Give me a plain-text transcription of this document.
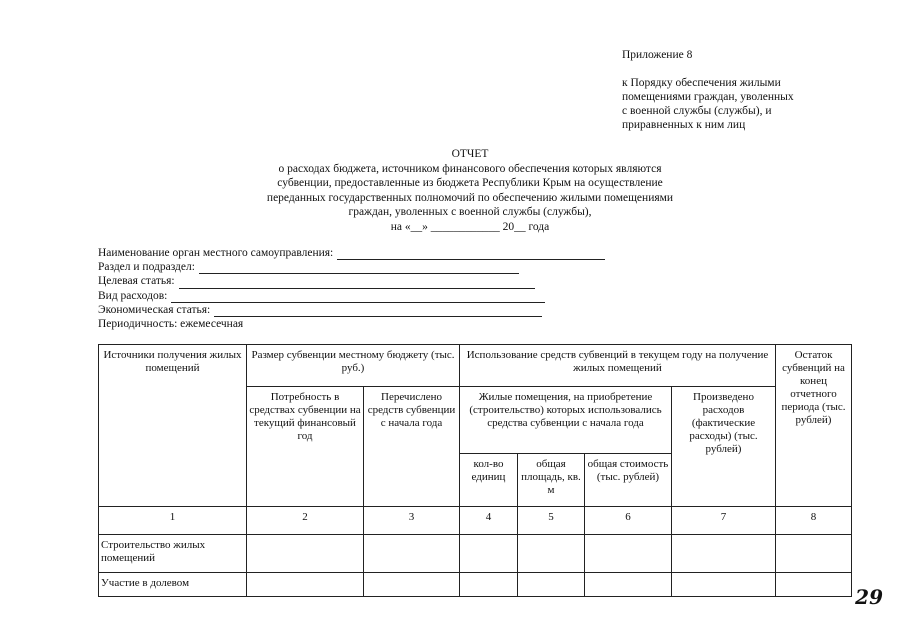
Приложение 8
к Порядку обеспечения жилыми
помещениями граждан, уволенных
с военной службы (службы), и
приравненных к ним лиц
ОТЧЕТ
о расходах бюджета, источником финансового обеспечения которых являются
субвенции, предоставленные из бюджета Республики Крым на осуществление
переданных государственных полномочий по обеспечению жилыми помещениями
граждан, уволенных с военной службы (службы),
на «__» ____________ 20__ года
Наименование орган местного самоуправления:
Раздел и подраздел:
Целевая статья:
Вид расходов:
Экономическая статья:
Периодичность: ежемесечная
Источники получения жилых помещений	Размер субвенции местному бюджету (тыс. руб.)		Использование средств субвенций в текущем году на получение жилых помещений				Остаток субвенций на конец отчетного периода (тыс. рублей)
	Потребность в средствах субвенции на текущий финансовый год	Перечислено средств субвенции с начала года	Жилые помещения, на приобретение (строительство) которых использовались средства субвенции с начала года			Произведено расходов (фактические расходы) (тыс. рублей)	
			кол-во единиц	общая площадь, кв. м	общая стоимость (тыс. рублей)		
1	2	3	4	5	6	7	8
Строительство жилых помещений							
Участие в долевом							
29
